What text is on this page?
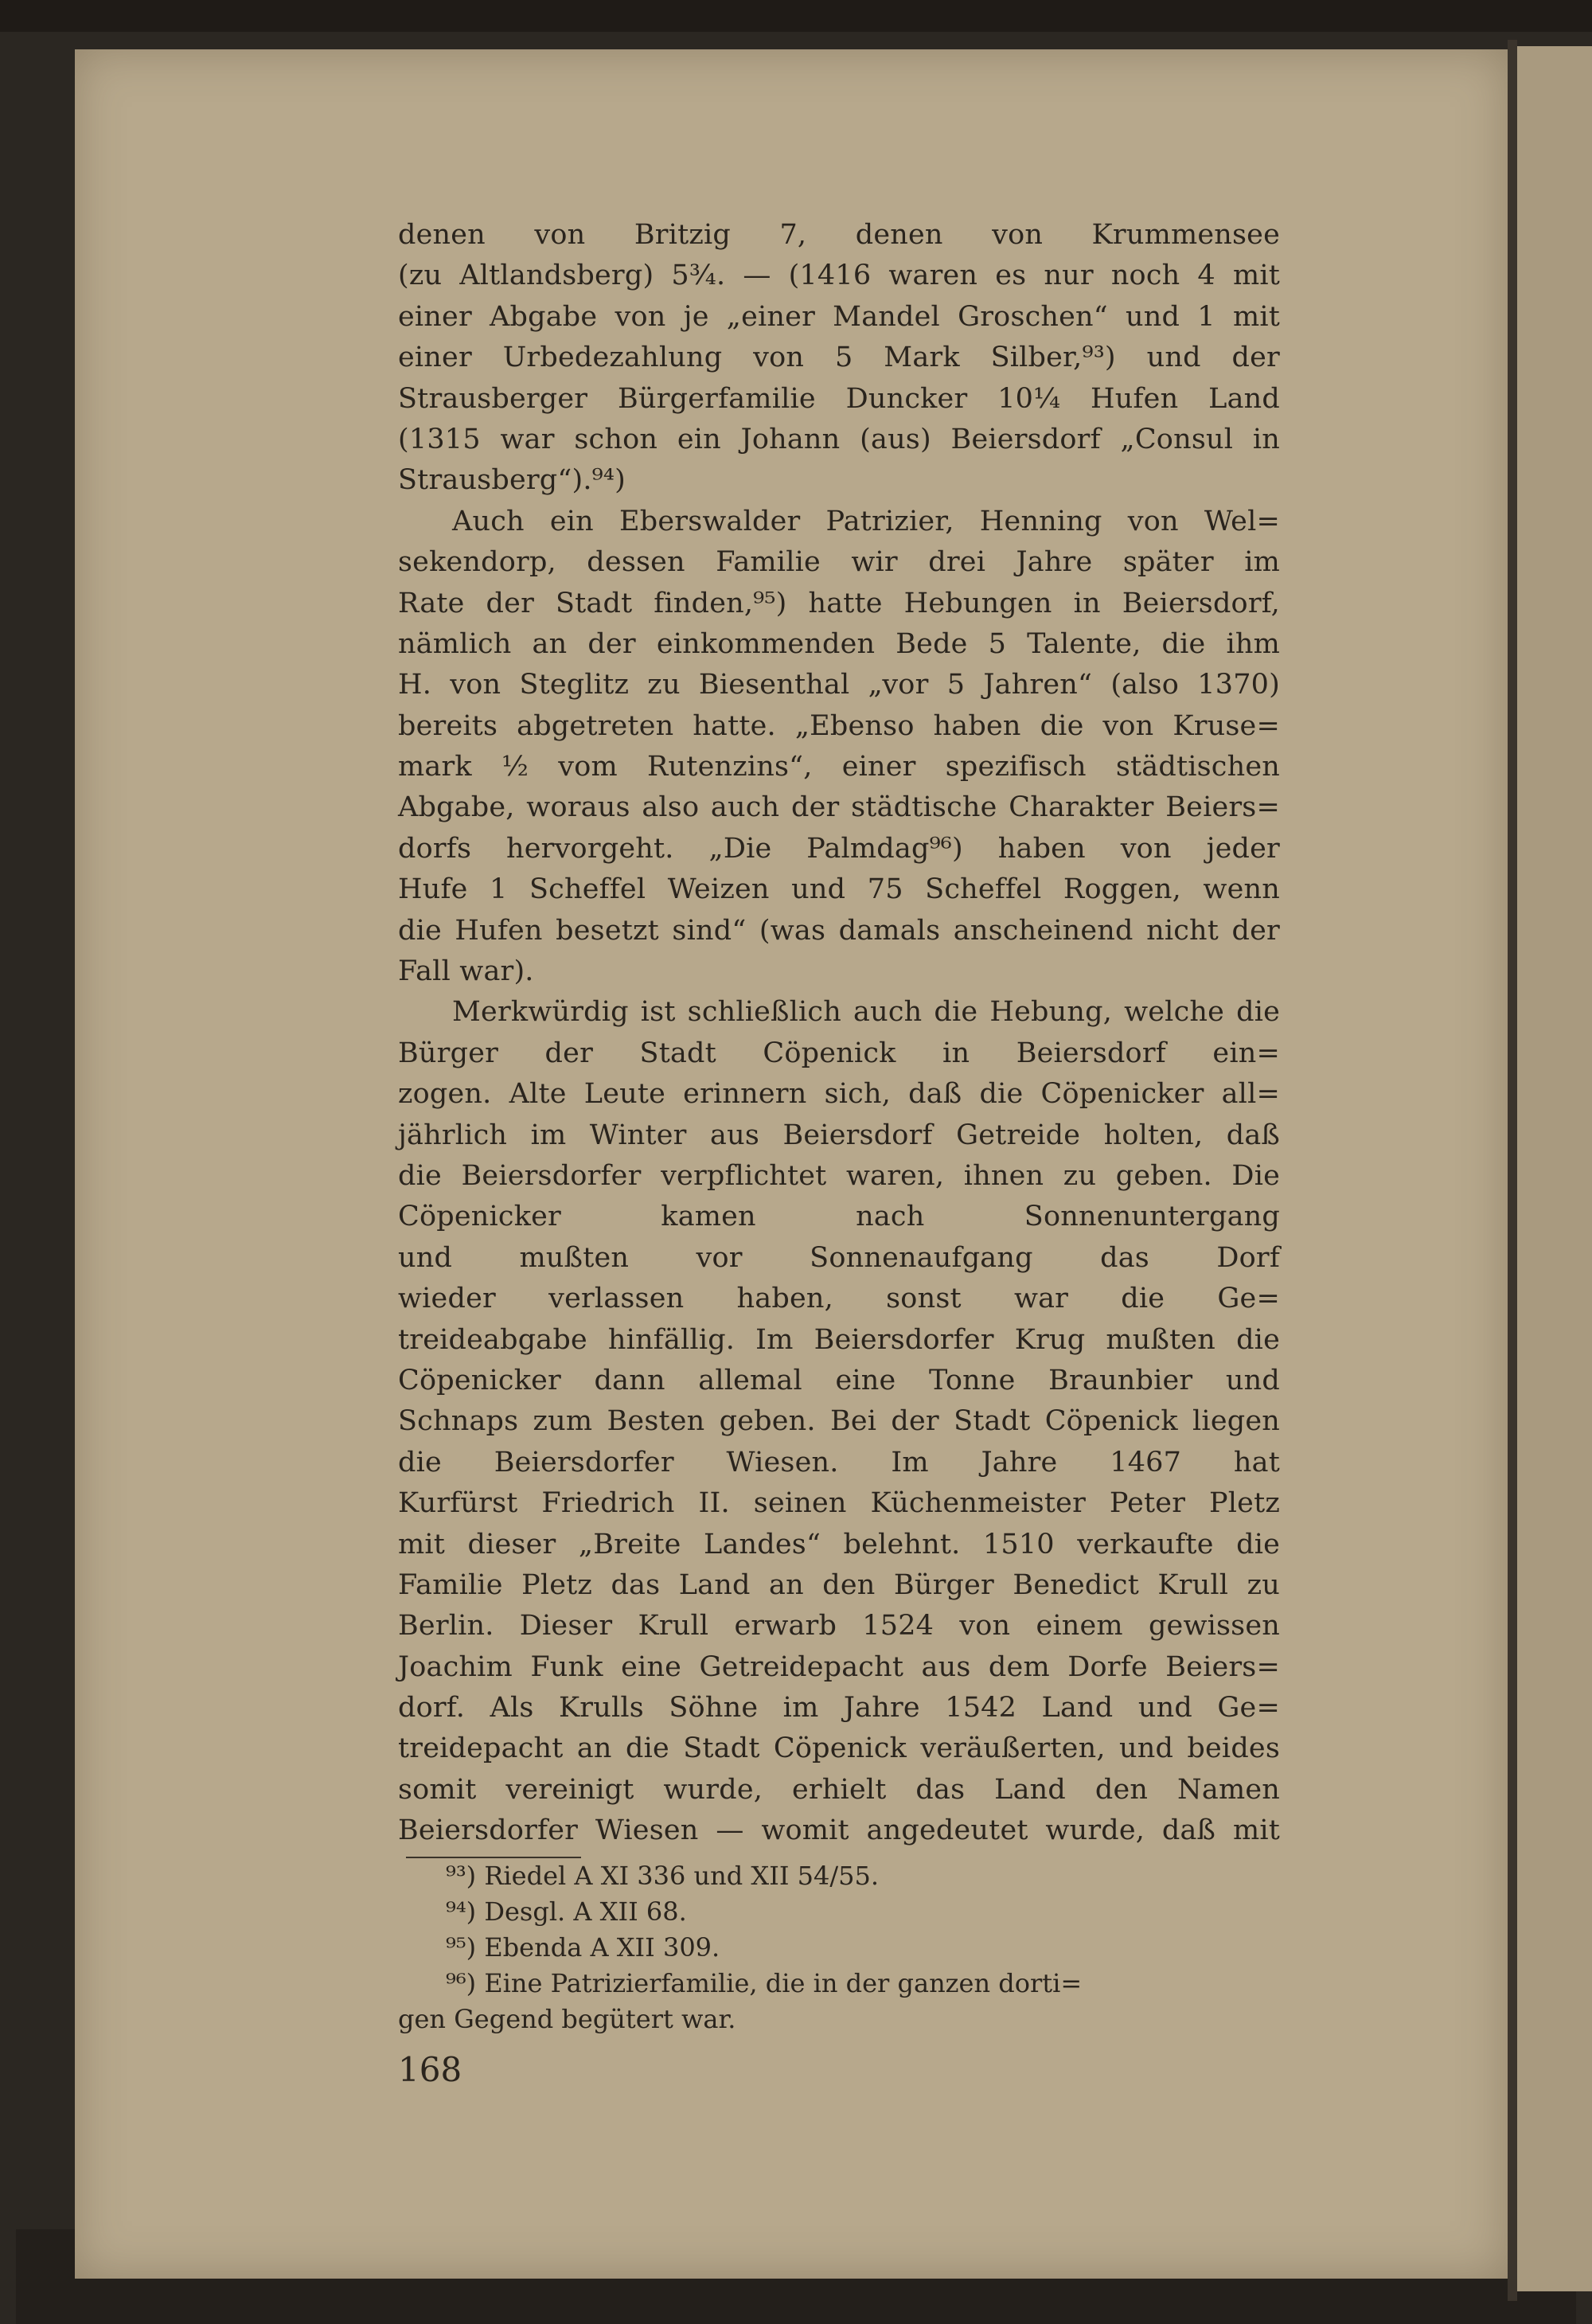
denen von Britzig 7, denen von Krummensee
(zu Altlandsberg) 5¾. — (1416 waren es nur noch 4 mit
einer Abgabe von je „einer Mandel Groschen“ und 1 mit
einer Urbedezahlung von 5 Mark Silber,⁹³) und der
Strausberger Bürgerfamilie Duncker 10¼ Hufen Land
(1315 war schon ein Johann (aus) Beiersdorf „Consul in
Strausberg“).⁹⁴)
Auch ein Eberswalder Patrizier, Henning von Wel=
sekendorp, dessen Familie wir drei Jahre später im
Rate der Stadt finden,⁹⁵) hatte Hebungen in Beiersdorf,
nämlich an der einkommenden Bede 5 Talente, die ihm
H. von Steglitz zu Biesenthal „vor 5 Jahren“ (also 1370)
bereits abgetreten hatte. „Ebenso haben die von Kruse=
mark ½ vom Rutenzins“, einer spezifisch städtischen
Abgabe, woraus also auch der städtische Charakter Beiers=
dorfs hervorgeht. „Die Palmdag⁹⁶) haben von jeder
Hufe 1 Scheffel Weizen und 75 Scheffel Roggen, wenn
die Hufen besetzt sind“ (was damals anscheinend nicht der
Fall war).
Merkwürdig ist schließlich auch die Hebung, welche die
Bürger der Stadt Cöpenick in Beiersdorf ein=
zogen. Alte Leute erinnern sich, daß die Cöpenicker all=
jährlich im Winter aus Beiersdorf Getreide holten, daß
die Beiersdorfer verpflichtet waren, ihnen zu geben. Die
Cöpenicker kamen nach Sonnenuntergang
und mußten vor Sonnenaufgang das Dorf
wieder verlassen haben, sonst war die Ge=
treideabgabe hinfällig. Im Beiersdorfer Krug mußten die
Cöpenicker dann allemal eine Tonne Braunbier und
Schnaps zum Besten geben. Bei der Stadt Cöpenick liegen
die Beiersdorfer Wiesen. Im Jahre 1467 hat
Kurfürst Friedrich II. seinen Küchenmeister Peter Pletz
mit dieser „Breite Landes“ belehnt. 1510 verkaufte die
Familie Pletz das Land an den Bürger Benedict Krull zu
Berlin. Dieser Krull erwarb 1524 von einem gewissen
Joachim Funk eine Getreidepacht aus dem Dorfe Beiers=
dorf. Als Krulls Söhne im Jahre 1542 Land und Ge=
treidepacht an die Stadt Cöpenick veräußerten, und beides
somit vereinigt wurde, erhielt das Land den Namen
Beiersdorfer Wiesen — womit angedeutet wurde, daß mit
⁹³) Riedel A XI 336 und XII 54/55.
⁹⁴) Desgl. A XII 68.
⁹⁵) Ebenda A XII 309.
⁹⁶) Eine Patrizierfamilie, die in der ganzen dorti=
gen Gegend begütert war.
168
